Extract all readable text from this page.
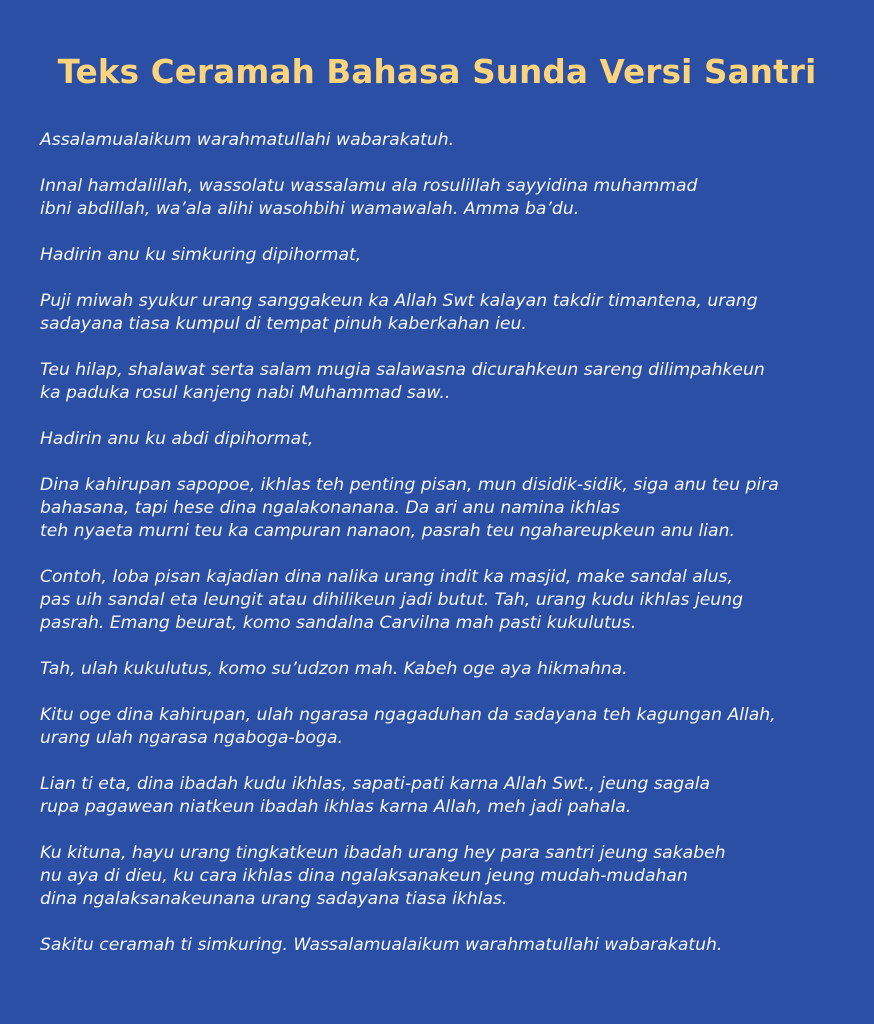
Teks Ceramah Bahasa Sunda Versi Santri

Assalamualaikum warahmatullahi wabarakatuh.

Innal hamdalillah, wassolatu wassalamu ala rosulillah sayyidina muhammad
ibni abdillah, wa’ala alihi wasohbihi wamawalah. Amma ba’du.

Hadirin anu ku simkuring dipihormat,

Puji miwah syukur urang sanggakeun ka Allah Swt kalayan takdir timantena, urang
sadayana tiasa kumpul di tempat pinuh kaberkahan ieu.

Teu hilap, shalawat serta salam mugia salawasna dicurahkeun sareng dilimpahkeun
ka paduka rosul kanjeng nabi Muhammad saw..

Hadirin anu ku abdi dipihormat,

Dina kahirupan sapopoe, ikhlas teh penting pisan, mun disidik-sidik, siga anu teu pira
bahasana, tapi hese dina ngalakonanana. Da ari anu namina ikhlas
teh nyaeta murni teu ka campuran nanaon, pasrah teu ngahareupkeun anu lian.

Contoh, loba pisan kajadian dina nalika urang indit ka masjid, make sandal alus,
pas uih sandal eta leungit atau dihilikeun jadi butut. Tah, urang kudu ikhlas jeung
pasrah. Emang beurat, komo sandalna Carvilna mah pasti kukulutus.

Tah, ulah kukulutus, komo su’udzon mah. Kabeh oge aya hikmahna.

Kitu oge dina kahirupan, ulah ngarasa ngagaduhan da sadayana teh kagungan Allah,
urang ulah ngarasa ngaboga-boga.

Lian ti eta, dina ibadah kudu ikhlas, sapati-pati karna Allah Swt., jeung sagala
rupa pagawean niatkeun ibadah ikhlas karna Allah, meh jadi pahala.

Ku kituna, hayu urang tingkatkeun ibadah urang hey para santri jeung sakabeh
nu aya di dieu, ku cara ikhlas dina ngalaksanakeun jeung mudah-mudahan
dina ngalaksanakeunana urang sadayana tiasa ikhlas.

Sakitu ceramah ti simkuring. Wassalamualaikum warahmatullahi wabarakatuh.
